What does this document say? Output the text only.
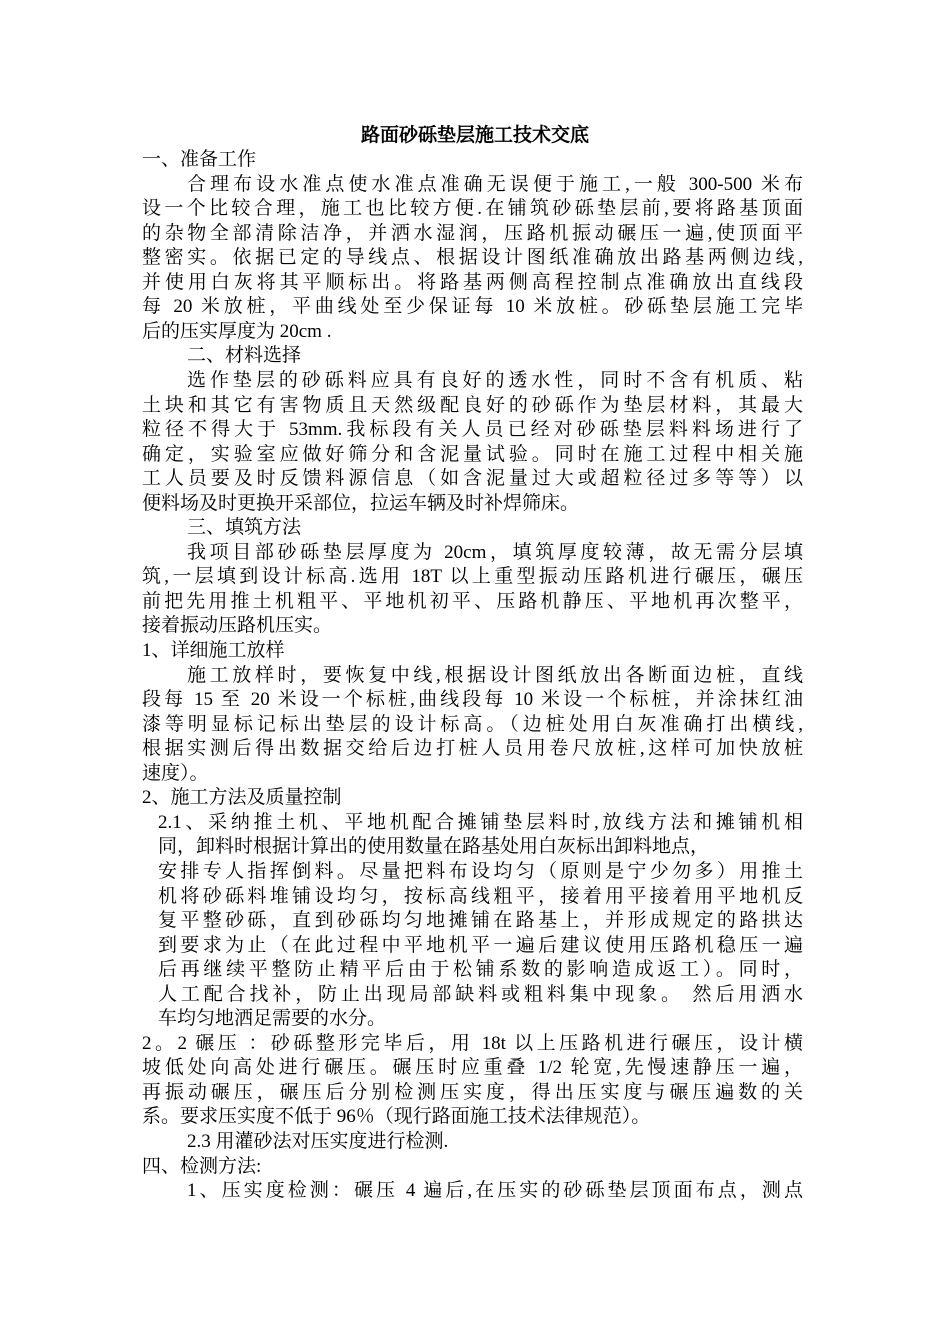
路面砂砾垫层施工技术交底
一、准备工作
合理布设水准点使水准点准确无误便于施工,一般 300-500 米布
设一个比较合理，施工也比较方便.在铺筑砂砾垫层前,要将路基顶面
的杂物全部清除洁净，并洒水湿润，压路机振动碾压一遍,使顶面平
整密实。依据已定的导线点、根据设计图纸准确放出路基两侧边线,
并使用白灰将其平顺标出。将路基两侧高程控制点准确放出直线段
每 20 米放桩，平曲线处至少保证每 10 米放桩。砂砾垫层施工完毕
后的压实厚度为 20cm .
二、材料选择
选作垫层的砂砾料应具有良好的透水性，同时不含有机质、粘
土块和其它有害物质且天然级配良好的砂砾作为垫层材料，其最大
粒径不得大于 53mm.我标段有关人员已经对砂砾垫层料料场进行了
确定，实验室应做好筛分和含泥量试验。同时在施工过程中相关施
工人员要及时反馈料源信息（如含泥量过大或超粒径过多等等）以
便料场及时更换开采部位，拉运车辆及时补焊筛床。
三、填筑方法
我项目部砂砾垫层厚度为 20cm，填筑厚度较薄，故无需分层填
筑,一层填到设计标高.选用 18T 以上重型振动压路机进行碾压，碾压
前把先用推土机粗平、平地机初平、压路机静压、平地机再次整平，
接着振动压路机压实。
1、详细施工放样
施工放样时，要恢复中线,根据设计图纸放出各断面边桩，直线
段每 15 至 20 米设一个标桩,曲线段每 10 米设一个标桩，并涂抹红油
漆等明显标记标出垫层的设计标高。（边桩处用白灰准确打出横线,
根据实测后得出数据交给后边打桩人员用卷尺放桩,这样可加快放桩
速度）。
2、施工方法及质量控制
2.1、采纳推土机、平地机配合摊铺垫层料时,放线方法和摊铺机相
同，卸料时根据计算出的使用数量在路基处用白灰标出卸料地点，
安排专人指挥倒料。尽量把料布设均匀（原则是宁少勿多）用推土
机将砂砾料堆铺设均匀，按标高线粗平，接着用平接着用平地机反
复平整砂砾，直到砂砾均匀地摊铺在路基上，并形成规定的路拱达
到要求为止（在此过程中平地机平一遍后建议使用压路机稳压一遍
后再继续平整防止精平后由于松铺系数的影响造成返工）。同时，
人工配合找补，防止出现局部缺料或粗料集中现象。 然后用洒水
车均匀地洒足需要的水分。
2。2 碾压 ：砂砾整形完毕后，用 18t 以上压路机进行碾压，设计横
坡低处向高处进行碾压。碾压时应重叠 1/2 轮宽,先慢速静压一遍，
再振动碾压，碾压后分别检测压实度，得出压实度与碾压遍数的关
系。要求压实度不低于 96％（现行路面施工技术法律规范）。
2.3 用灌砂法对压实度进行检测.
四、检测方法:
1、压实度检测：碾压 4 遍后,在压实的砂砾垫层顶面布点，测点
